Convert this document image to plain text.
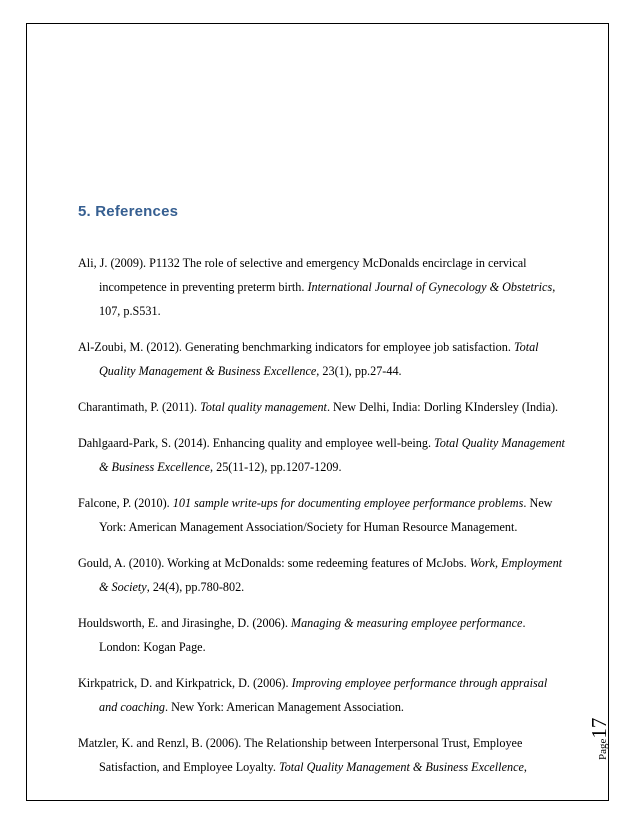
5. References
Ali, J. (2009). P1132 The role of selective and emergency McDonalds encirclage in cervical incompetence in preventing preterm birth. International Journal of Gynecology & Obstetrics, 107, p.S531.
Al-Zoubi, M. (2012). Generating benchmarking indicators for employee job satisfaction. Total Quality Management & Business Excellence, 23(1), pp.27-44.
Charantimath, P. (2011). Total quality management. New Delhi, India: Dorling KIndersley (India).
Dahlgaard-Park, S. (2014). Enhancing quality and employee well-being. Total Quality Management & Business Excellence, 25(11-12), pp.1207-1209.
Falcone, P. (2010). 101 sample write-ups for documenting employee performance problems. New York: American Management Association/Society for Human Resource Management.
Gould, A. (2010). Working at McDonalds: some redeeming features of McJobs. Work, Employment & Society, 24(4), pp.780-802.
Houldsworth, E. and Jirasinghe, D. (2006). Managing & measuring employee performance. London: Kogan Page.
Kirkpatrick, D. and Kirkpatrick, D. (2006). Improving employee performance through appraisal and coaching. New York: American Management Association.
Matzler, K. and Renzl, B. (2006). The Relationship between Interpersonal Trust, Employee Satisfaction, and Employee Loyalty. Total Quality Management & Business Excellence,
Page17
